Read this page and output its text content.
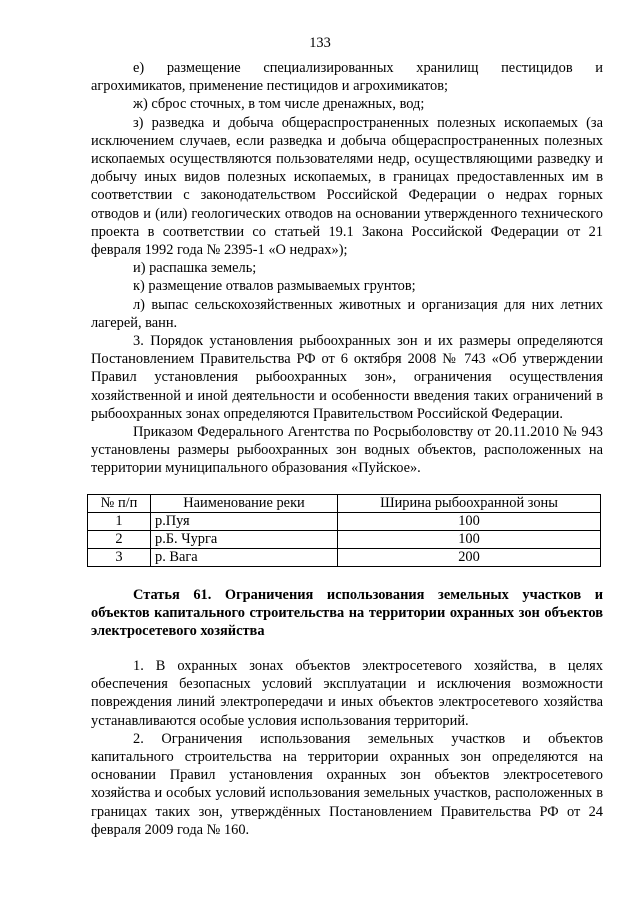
133

е) размещение специализированных хранилищ пестицидов и агрохимикатов, применение пестицидов и агрохимикатов;

ж) сброс сточных, в том числе дренажных, вод;

з) разведка и добыча общераспространенных полезных ископаемых (за исключением случаев, если разведка и добыча общераспространенных полезных ископаемых осуществляются пользователями недр, осуществляющими разведку и добычу иных видов полезных ископаемых, в границах предоставленных им в соответствии с законодательством Российской Федерации о недрах горных отводов и (или) геологических отводов на основании утвержденного технического проекта в соответствии со статьей 19.1 Закона Российской Федерации от 21 февраля 1992 года № 2395-1 «О недрах»);

и) распашка земель;

к) размещение отвалов размываемых грунтов;

л) выпас сельскохозяйственных животных и организация для них летних лагерей, ванн.

3. Порядок установления рыбоохранных зон и их размеры определяются Постановлением Правительства РФ от 6 октября 2008 № 743 «Об утверждении Правил установления рыбоохранных зон», ограничения осуществления хозяйственной и иной деятельности и особенности введения таких ограничений в рыбоохранных зонах определяются Правительством Российской Федерации.

Приказом Федерального Агентства по Росрыболовству от 20.11.2010 № 943 установлены размеры рыбоохранных зон водных объектов, расположенных на территории муниципального образования «Пуйское».

№ п/п	Наименование реки	Ширина рыбоохранной зоны
1	р.Пуя	100
2	р.Б. Чурга	100
3	р. Вага	200

Статья 61. Ограничения использования земельных участков и объектов капитального строительства на территории охранных зон объектов электросетевого хозяйства

1. В охранных зонах объектов электросетевого хозяйства, в целях обеспечения безопасных условий эксплуатации и исключения возможности повреждения линий электропередачи и иных объектов электросетевого хозяйства устанавливаются особые условия использования территорий.

2. Ограничения использования земельных участков и объектов капитального строительства на территории охранных зон определяются на основании Правил установления охранных зон объектов электросетевого хозяйства и особых условий использования земельных участков, расположенных в границах таких зон, утверждённых Постановлением Правительства РФ от 24 февраля 2009 года № 160.
